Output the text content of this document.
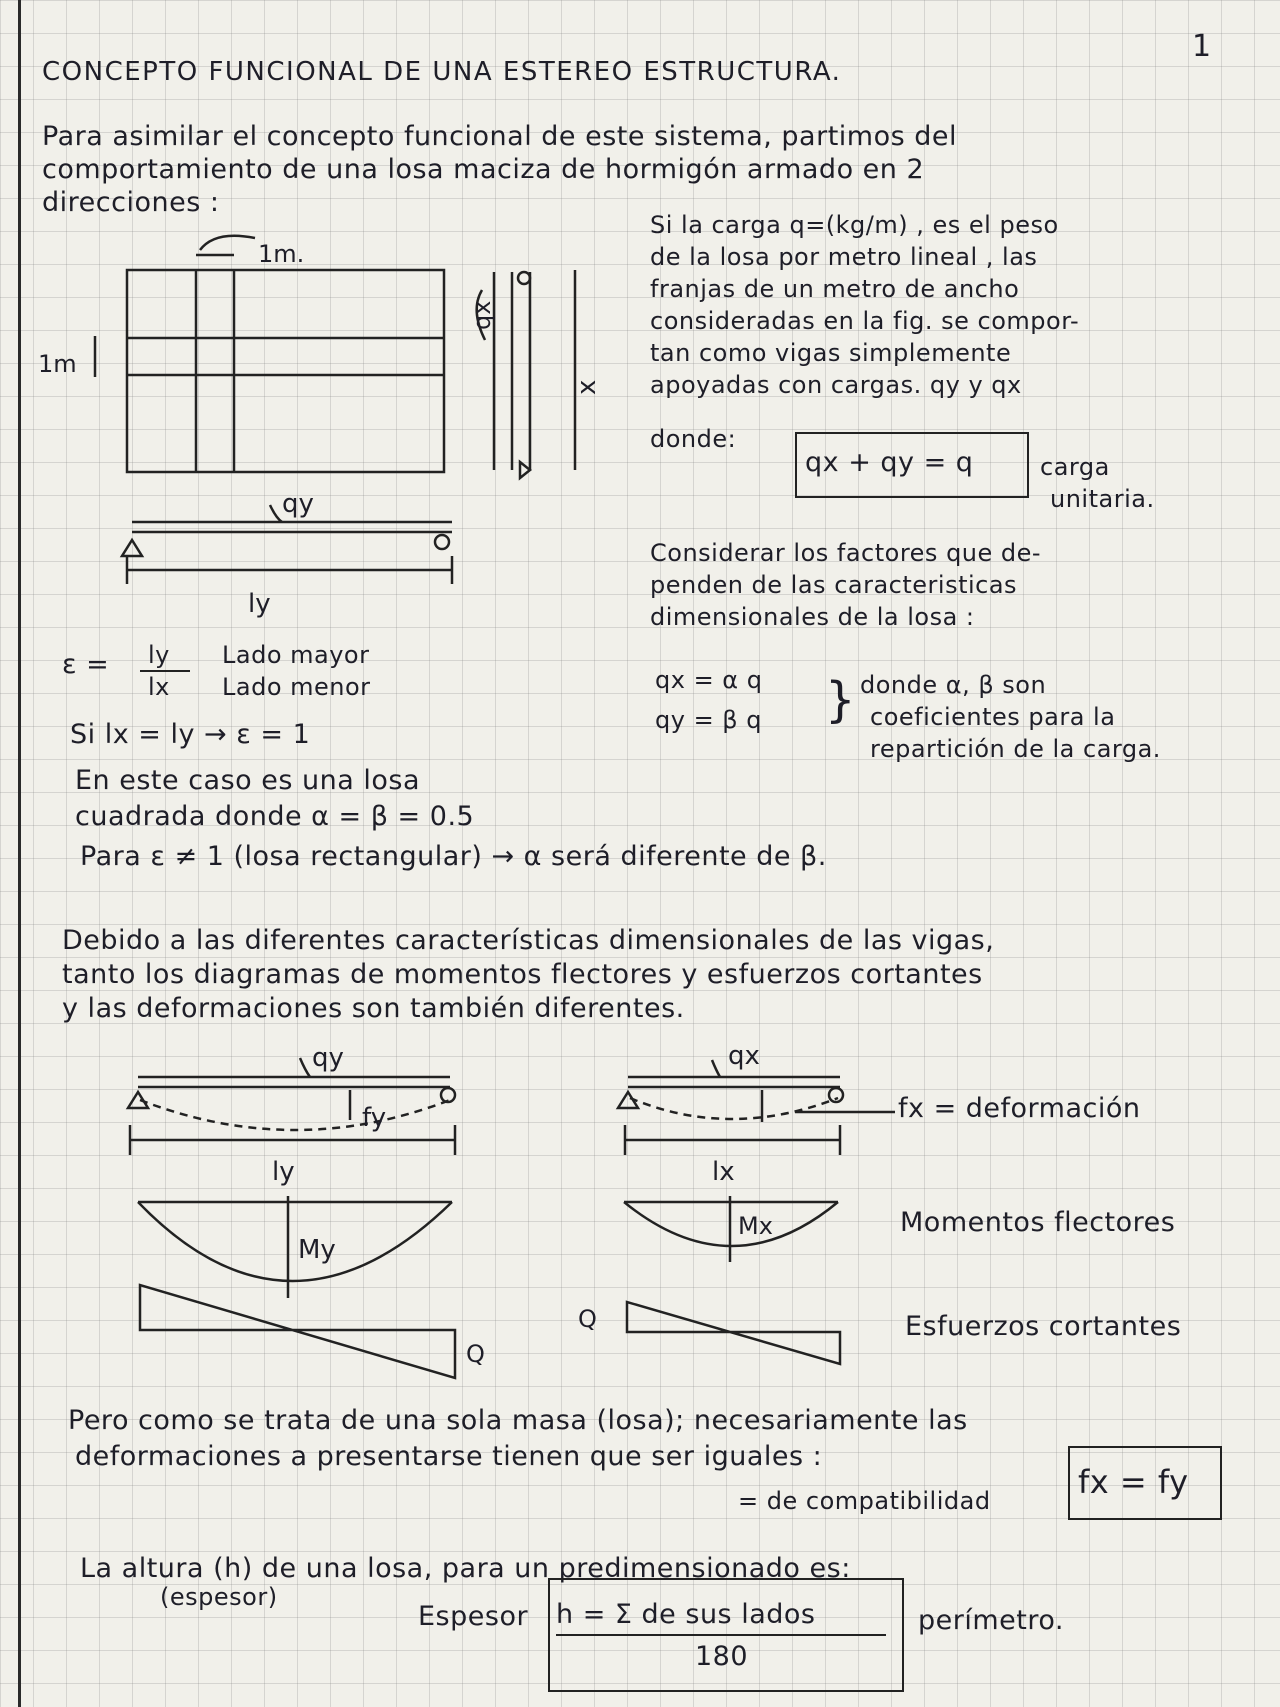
1
CONCEPTO FUNCIONAL DE UNA ESTEREO ESTRUCTURA.
Para asimilar el concepto funcional de este sistema, partimos del
comportamiento de una losa maciza de hormigón armado en 2
direcciones :
Si la carga q=(kg/m) , es el peso
de la losa por metro lineal , las
franjas de un metro de ancho
consideradas en la fig. se compor-
tan como vigas simplemente
apoyadas con cargas. qy y qx
donde:
qx + qy = q	carga
unitaria.
Considerar los factores que de-
penden de las caracteristicas
dimensionales de la losa :
qx = α q
qy = β q } donde α, β son
coeficientes para la
repartición de la carga.
1m.
1m
qx
x
qy
ly
ε = ly
lx
Lado mayor
Lado menor
Si lx = ly → ε = 1
En este caso es una losa
cuadrada donde α = β = 0.5
Para ε ≠ 1 (losa rectangular) → α será diferente de β.
Debido a las diferentes características dimensionales de las vigas,
tanto los diagramas de momentos flectores y esfuerzos cortantes
y las deformaciones son también diferentes.
qy
fy
ly
My
Q
qx
lx
Mx
Q
fx = deformación
Momentos flectores
Esfuerzos cortantes
Pero como se trata de una sola masa (losa); necesariamente las
deformaciones a presentarse tienen que ser iguales :
= de compatibilidad	fx = fy
La altura (h) de una losa, para un predimensionado es:
(espesor)
Espesor h = Σ de sus lados
180
perímetro.
